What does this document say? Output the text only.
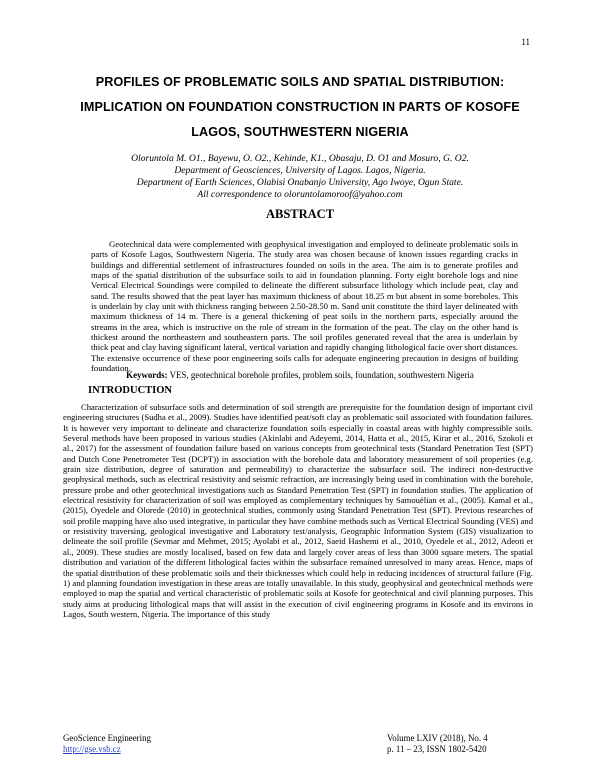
11
PROFILES OF PROBLEMATIC SOILS AND SPATIAL DISTRIBUTION:
IMPLICATION ON FOUNDATION CONSTRUCTION IN PARTS OF KOSOFE
LAGOS, SOUTHWESTERN NIGERIA
Oloruntola M. O1., Bayewu, O. O2., Kehinde, K1., Obasaju, D. O1 and Mosuro, G. O2.
Department of Geosciences, University of Lagos. Lagos, Nigeria.
Department of Earth Sciences, Olabisi Onabanjo University, Ago Iwoye, Ogun State.
All correspondence to oloruntolamoroof@yahoo.com
ABSTRACT
Geotechnical data were complemented with geophysical investigation and employed to delineate problematic soils in parts of Kosofe Lagos, Southwestern Nigeria. The study area was chosen because of known issues regarding cracks in buildings and differential settlement of infrastructures founded on soils in the area. The aim is to generate profiles and maps of the spatial distribution of the subsurface soils to aid in foundation planning. Forty eight borehole logs and nine Vertical Electrical Soundings were compiled to delineate the different subsurface lithology which include peat, clay and sand. The results showed that the peat layer has maximum thickness of about 18.25 m but absent in some boreholes. This is underlain by clay unit with thickness ranging between 2.50-28.50 m. Sand unit constitute the third layer delineated with maximum thickness of 14 m. There is a general thickening of peat soils in the northern parts, especially around the streams in the area, which is instructive on the role of stream in the formation of the peat. The clay on the other hand is thickest around the northeastern and southeastern parts. The soil profiles generated reveal that the area is underlain by thick peat and clay having significant lateral, vertical variation and rapidly changing lithological facie over short distances. The extensive occurrence of these poor engineering soils calls for adequate engineering precaution in designs of building foundation.
Keywords: VES, geotechnical borehole profiles, problem soils, foundation, southwestern Nigeria
INTRODUCTION
Characterization of subsurface soils and determination of soil strength are prerequisite for the foundation design of important civil engineering structures (Sudha et al., 2009). Studies have identified peat/soft clay as problematic soil associated with foundation failures. It is however very important to delineate and characterize foundation soils especially in coastal areas with highly compressible soils. Several methods have been proposed in various studies (Akinlabi and Adeyemi, 2014, Hatta et al., 2015, Kirar et al., 2016, Szokoli et al., 2017) for the assessment of foundation failure based on various concepts from geotechnical tests (Standard Penetration Test (SPT) and Dutch Cone Penetrometer Test (DCPT)) in association with the borehole data and laboratory measurement of soil properties (e.g. grain size distribution, degree of saturation and permeability) to characterize the subsurface soil. The indirect non-destructive geophysical methods, such as electrical resistivity and seismic refraction, are increasingly being used in combination with the borehole, pressure probe and other geotechnical investigations such as Standard Penetration Test (SPT) in foundation studies. The application of electrical resistivity for characterization of soil was employed as complementary techniques by Samouëlian et al., (2005). Kamal et al., (2015), Oyedele and Olorede (2010) in geotechnical studies, commonly using Standard Penetration Test (SPT). Previous researches of soil profile mapping have also used integrative, in particular they have combine methods such as Vertical Electrical Sounding (VES) and or resistivity traversing, geological investigative and Laboratory test/analysis, Geographic Information System (GIS) visualization to delineate the soil profile (Sevmar and Mehmet, 2015; Ayolabi et al., 2012, Saeid Hashemi et al., 2010, Oyedele et al., 2012, Adeoti et al., 2009). These studies are mostly localised, based on few data and largely cover areas of less than 3000 square meters. The spatial distribution and variation of the different lithological facies within the subsurface remained unresolved in many areas. Hence, maps of the spatial distribution of these problematic soils and their thicknesses which could help in reducing incidences of structural failure (Fig. 1) and planning foundation investigation in these areas are totally unavailable. In this study, geophysical and geotechnical methods were employed to map the spatial and vertical characteristic of problematic soils at Kosofe for geotechnical and civil planning purposes. This study aims at producing lithological maps that will assist in the execution of civil engineering programs in Kosofe and its environs in Lagos, South western, Nigeria. The importance of this study
GeoScience Engineering
http://gse.vsb.cz
Volume LXIV (2018), No. 4
p. 11 – 23, ISSN 1802-5420
